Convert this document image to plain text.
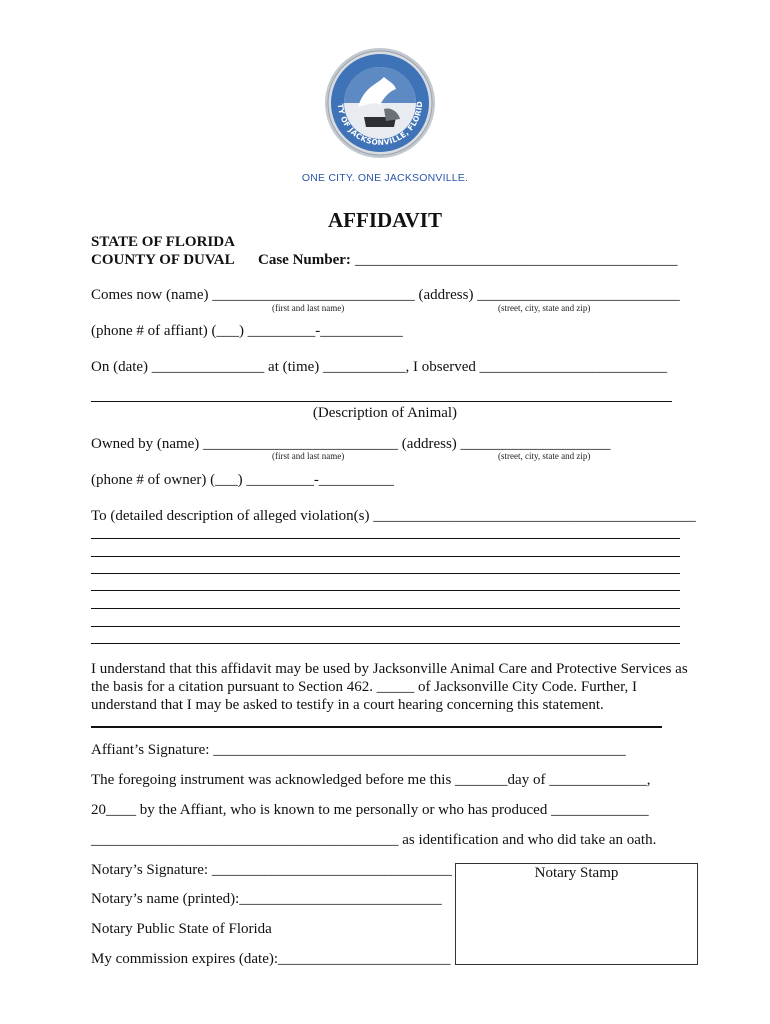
TY OF JACKSONVILLE, FLORID
ONE CITY. ONE JACKSONVILLE.
AFFIDAVIT
STATE OF FLORIDA
COUNTY OF DUVAL Case Number: ___________________________________________
Comes now (name) ___________________________ (address) ___________________________
(first and last name)	(street, city, state and zip)
(phone # of affiant) (___) _________-___________
On (date) _______________ at (time) ___________, I observed _________________________
(Description of Animal)
Owned by (name) __________________________ (address) ____________________
(first and last name)	(street, city, state and zip)
(phone # of owner) (___) _________-__________
To (detailed description of alleged violation(s) ___________________________________________
I understand that this affidavit may be used by Jacksonville Animal Care and Protective Services as the basis for a citation pursuant to Section 462. _____ of Jacksonville City Code. Further, I understand that I may be asked to testify in a court hearing concerning this statement.
Affiant’s Signature: _______________________________________________________
The foregoing instrument was acknowledged before me this _______day of _____________,
20____ by the Affiant, who is known to me personally or who has produced _____________
_________________________________________ as identification and who did take an oath.
Notary’s Signature: ________________________________
Notary’s name (printed):___________________________
Notary Public State of Florida
My commission expires (date):_______________________
Notary Stamp
